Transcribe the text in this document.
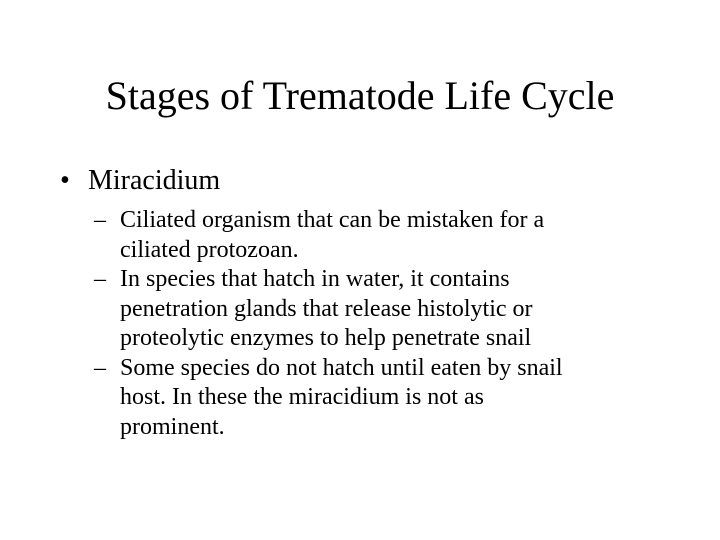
Stages of Trematode Life Cycle
• Miracidium
– Ciliated organism that can be mistaken for a
ciliated protozoan.
– In species that hatch in water, it contains
penetration glands that release histolytic or
proteolytic enzymes to help penetrate snail
– Some species do not hatch until eaten by snail
host. In these the miracidium is not as
prominent.
